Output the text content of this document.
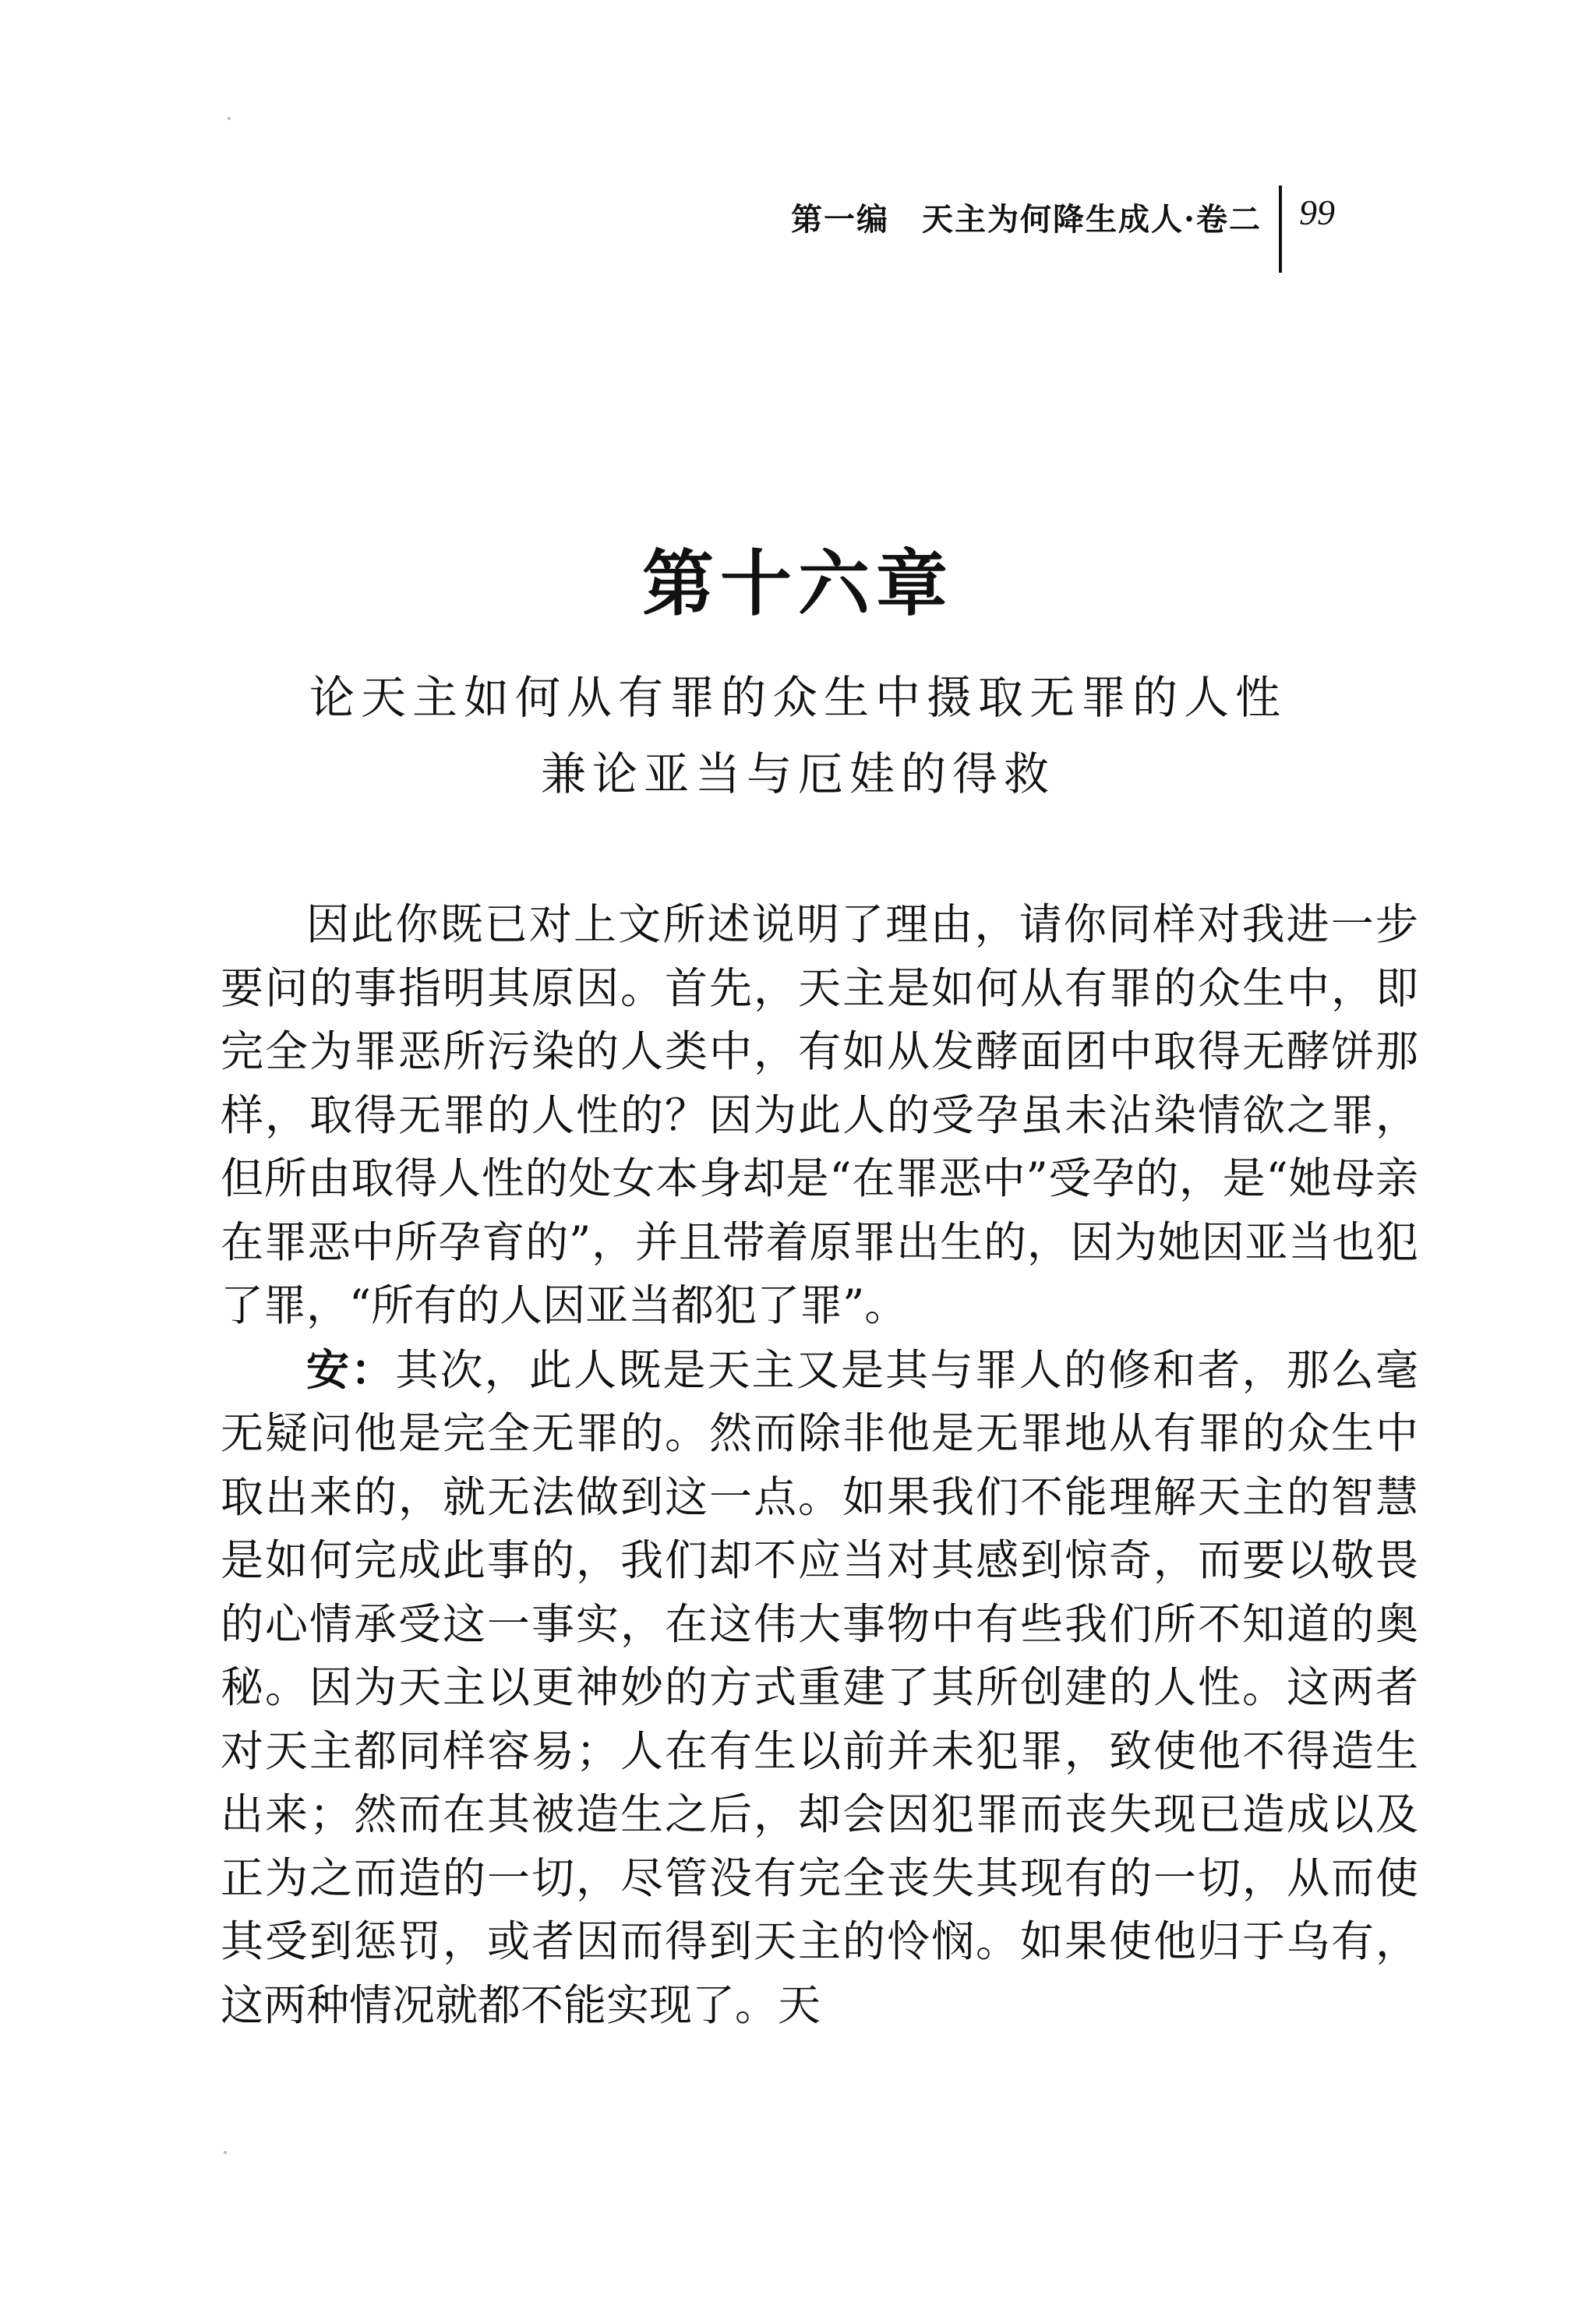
第一编　天主为何降生成人·卷二	99
第十六章
论天主如何从有罪的众生中摄取无罪的人性
兼论亚当与厄娃的得救

因此你既已对上文所述说明了理由，请你同样对我进一步要问的事指明其原因。首先，天主是如何从有罪的众生中，即完全为罪恶所污染的人类中，有如从发酵面团中取得无酵饼那样，取得无罪的人性的？因为此人的受孕虽未沾染情欲之罪，但所由取得人性的处女本身却是“在罪恶中”受孕的，是“她母亲在罪恶中所孕育的”，并且带着原罪出生的，因为她因亚当也犯了罪，“所有的人因亚当都犯了罪”。

安：其次，此人既是天主又是其与罪人的修和者，那么毫无疑问他是完全无罪的。然而除非他是无罪地从有罪的众生中取出来的，就无法做到这一点。如果我们不能理解天主的智慧是如何完成此事的，我们却不应当对其感到惊奇，而要以敬畏的心情承受这一事实，在这伟大事物中有些我们所不知道的奥秘。因为天主以更神妙的方式重建了其所创建的人性。这两者对天主都同样容易；人在有生以前并未犯罪，致使他不得造生出来；然而在其被造生之后，却会因犯罪而丧失现已造成以及正为之而造的一切，尽管没有完全丧失其现有的一切，从而使其受到惩罚，或者因而得到天主的怜悯。如果使他归于乌有，这两种情况就都不能实现了。天
